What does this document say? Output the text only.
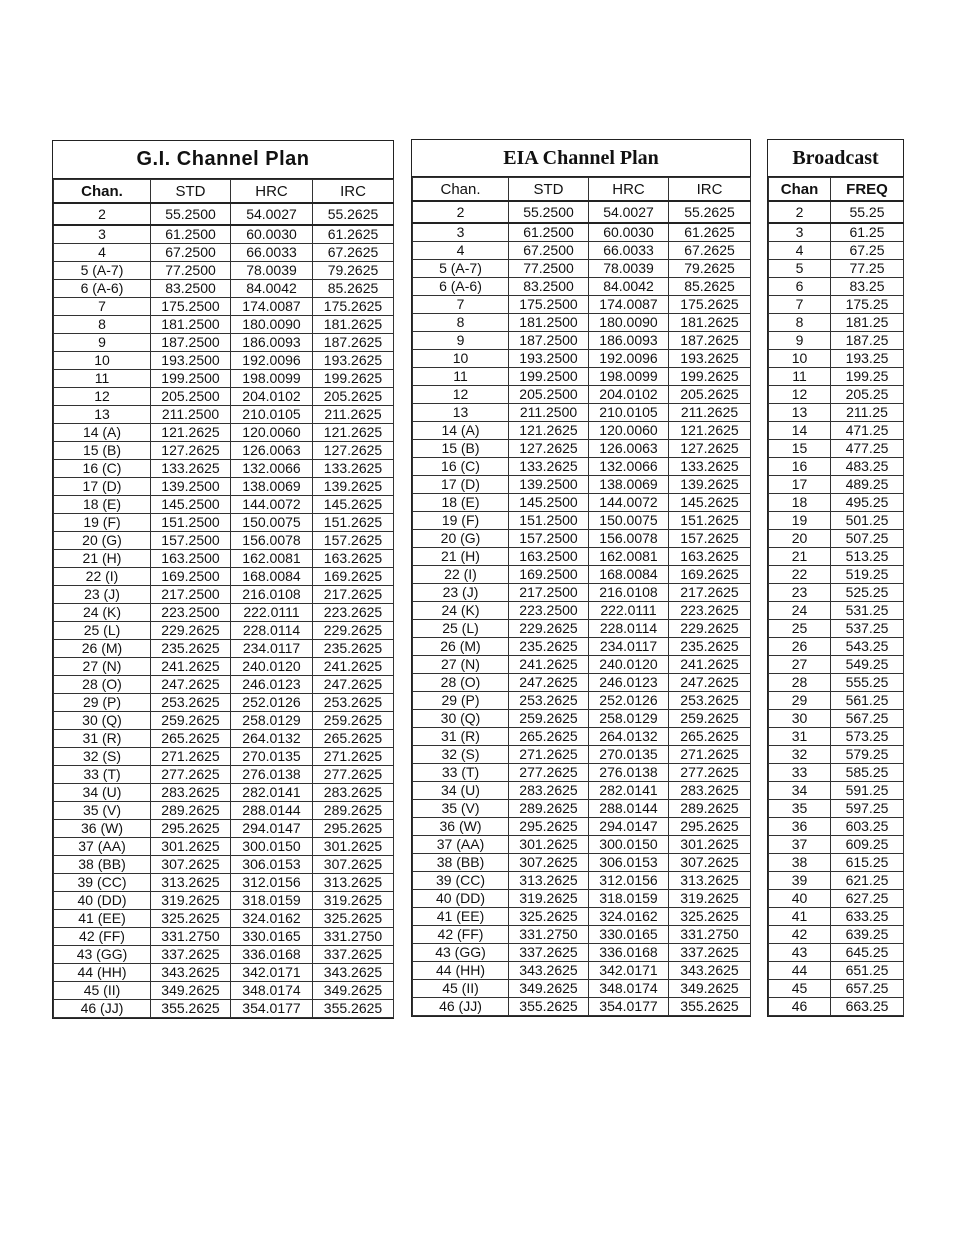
G.I. Channel Plan
Chan.	STD	HRC	IRC
2	55.2500	54.0027	55.2625
3	61.2500	60.0030	61.2625
4	67.2500	66.0033	67.2625
5 (A-7)	77.2500	78.0039	79.2625
6 (A-6)	83.2500	84.0042	85.2625
7	175.2500	174.0087	175.2625
8	181.2500	180.0090	181.2625
9	187.2500	186.0093	187.2625
10	193.2500	192.0096	193.2625
11	199.2500	198.0099	199.2625
12	205.2500	204.0102	205.2625
13	211.2500	210.0105	211.2625
14 (A)	121.2625	120.0060	121.2625
15 (B)	127.2625	126.0063	127.2625
16 (C)	133.2625	132.0066	133.2625
17 (D)	139.2500	138.0069	139.2625
18 (E)	145.2500	144.0072	145.2625
19 (F)	151.2500	150.0075	151.2625
20 (G)	157.2500	156.0078	157.2625
21 (H)	163.2500	162.0081	163.2625
22 (I)	169.2500	168.0084	169.2625
23 (J)	217.2500	216.0108	217.2625
24 (K)	223.2500	222.0111	223.2625
25 (L)	229.2625	228.0114	229.2625
26 (M)	235.2625	234.0117	235.2625
27 (N)	241.2625	240.0120	241.2625
28 (O)	247.2625	246.0123	247.2625
29 (P)	253.2625	252.0126	253.2625
30 (Q)	259.2625	258.0129	259.2625
31 (R)	265.2625	264.0132	265.2625
32 (S)	271.2625	270.0135	271.2625
33 (T)	277.2625	276.0138	277.2625
34 (U)	283.2625	282.0141	283.2625
35 (V)	289.2625	288.0144	289.2625
36 (W)	295.2625	294.0147	295.2625
37 (AA)	301.2625	300.0150	301.2625
38 (BB)	307.2625	306.0153	307.2625
39 (CC)	313.2625	312.0156	313.2625
40 (DD)	319.2625	318.0159	319.2625
41 (EE)	325.2625	324.0162	325.2625
42 (FF)	331.2750	330.0165	331.2750
43 (GG)	337.2625	336.0168	337.2625
44 (HH)	343.2625	342.0171	343.2625
45 (II)	349.2625	348.0174	349.2625
46 (JJ)	355.2625	354.0177	355.2625
EIA Channel Plan
Chan.	STD	HRC	IRC
2	55.2500	54.0027	55.2625
3	61.2500	60.0030	61.2625
4	67.2500	66.0033	67.2625
5 (A-7)	77.2500	78.0039	79.2625
6 (A-6)	83.2500	84.0042	85.2625
7	175.2500	174.0087	175.2625
8	181.2500	180.0090	181.2625
9	187.2500	186.0093	187.2625
10	193.2500	192.0096	193.2625
11	199.2500	198.0099	199.2625
12	205.2500	204.0102	205.2625
13	211.2500	210.0105	211.2625
14 (A)	121.2625	120.0060	121.2625
15 (B)	127.2625	126.0063	127.2625
16 (C)	133.2625	132.0066	133.2625
17 (D)	139.2500	138.0069	139.2625
18 (E)	145.2500	144.0072	145.2625
19 (F)	151.2500	150.0075	151.2625
20 (G)	157.2500	156.0078	157.2625
21 (H)	163.2500	162.0081	163.2625
22 (I)	169.2500	168.0084	169.2625
23 (J)	217.2500	216.0108	217.2625
24 (K)	223.2500	222.0111	223.2625
25 (L)	229.2625	228.0114	229.2625
26 (M)	235.2625	234.0117	235.2625
27 (N)	241.2625	240.0120	241.2625
28 (O)	247.2625	246.0123	247.2625
29 (P)	253.2625	252.0126	253.2625
30 (Q)	259.2625	258.0129	259.2625
31 (R)	265.2625	264.0132	265.2625
32 (S)	271.2625	270.0135	271.2625
33 (T)	277.2625	276.0138	277.2625
34 (U)	283.2625	282.0141	283.2625
35 (V)	289.2625	288.0144	289.2625
36 (W)	295.2625	294.0147	295.2625
37 (AA)	301.2625	300.0150	301.2625
38 (BB)	307.2625	306.0153	307.2625
39 (CC)	313.2625	312.0156	313.2625
40 (DD)	319.2625	318.0159	319.2625
41 (EE)	325.2625	324.0162	325.2625
42 (FF)	331.2750	330.0165	331.2750
43 (GG)	337.2625	336.0168	337.2625
44 (HH)	343.2625	342.0171	343.2625
45 (II)	349.2625	348.0174	349.2625
46 (JJ)	355.2625	354.0177	355.2625
Broadcast
Chan	FREQ
2	55.25
3	61.25
4	67.25
5	77.25
6	83.25
7	175.25
8	181.25
9	187.25
10	193.25
11	199.25
12	205.25
13	211.25
14	471.25
15	477.25
16	483.25
17	489.25
18	495.25
19	501.25
20	507.25
21	513.25
22	519.25
23	525.25
24	531.25
25	537.25
26	543.25
27	549.25
28	555.25
29	561.25
30	567.25
31	573.25
32	579.25
33	585.25
34	591.25
35	597.25
36	603.25
37	609.25
38	615.25
39	621.25
40	627.25
41	633.25
42	639.25
43	645.25
44	651.25
45	657.25
46	663.25
